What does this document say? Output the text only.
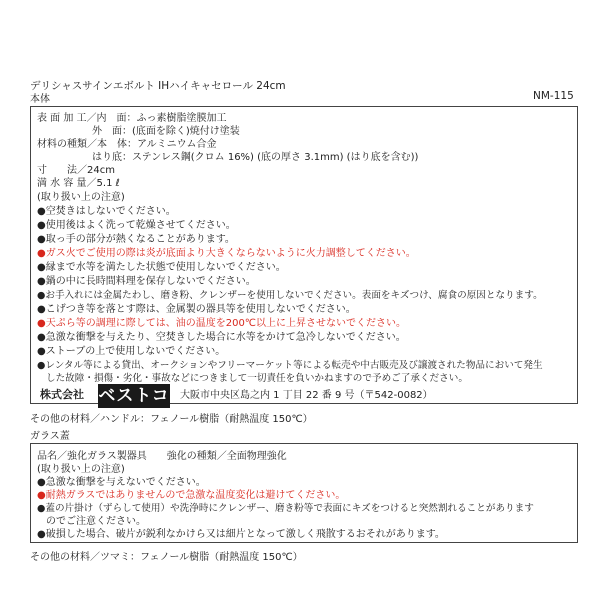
デリシャスサインエボルト IHハイキャセロール 24cm
本体	NM-115
表 面 加 工／内　面：ふっ素樹脂塗膜加工
外　面：(底面を除く)焼付け塗装
材料の種類／本　体：アルミニウム合金
はり底：ステンレス鋼(クロム 16%) (底の厚さ 3.1mm) (はり底を含む))
寸　　法／24cm
満 水 容 量／5.1 ℓ
(取り扱い上の注意)
●空焚きはしないでください。
●使用後はよく洗って乾燥させてください。
●取っ手の部分が熱くなることがあります。
●ガス火でご使用の際は炎が底面より大きくならないように火力調整してください。
●縁まで水等を満たした状態で使用しないでください。
●鍋の中に長時間料理を保存しないでください。
●お手入れには金属たわし、磨き粉、クレンザーを使用しないでください。表面をキズつけ、腐食の原因となります。
●こげつき等を落とす際は、金属製の器具等を使用しないでください。
●天ぷら等の調理に際しては、油の温度を200℃以上に上昇させないでください。
●急激な衝撃を与えたり、空焚きした場合に水等をかけて急冷しないでください。
●ストーブの上で使用しないでください。
●レンタル等による貸出、オークションやフリーマーケット等による転売や中古販売及び譲渡された物品において発生
した故障・損傷・劣化・事故などにつきまして一切責任を負いかねますので予めご了承ください。
株式会社 ベストコ 大阪市中央区島之内 1 丁目 22 番 9 号（〒542-0082）
その他の材料／ハンドル：フェノール樹脂（耐熱温度 150℃）
ガラス蓋
品名／強化ガラス製器具　　強化の種類／全面物理強化
(取り扱い上の注意)
●急激な衝撃を与えないでください。
●耐熱ガラスではありませんので急激な温度変化は避けてください。
●蓋の片掛け（ずらして使用）や洗浄時にクレンザー、磨き粉等で表面にキズをつけると突然割れることがあります
のでご注意ください。
●破損した場合、破片が鋭利なかけら又は細片となって激しく飛散するおそれがあります。
その他の材料／ツマミ：フェノール樹脂（耐熱温度 150℃）
